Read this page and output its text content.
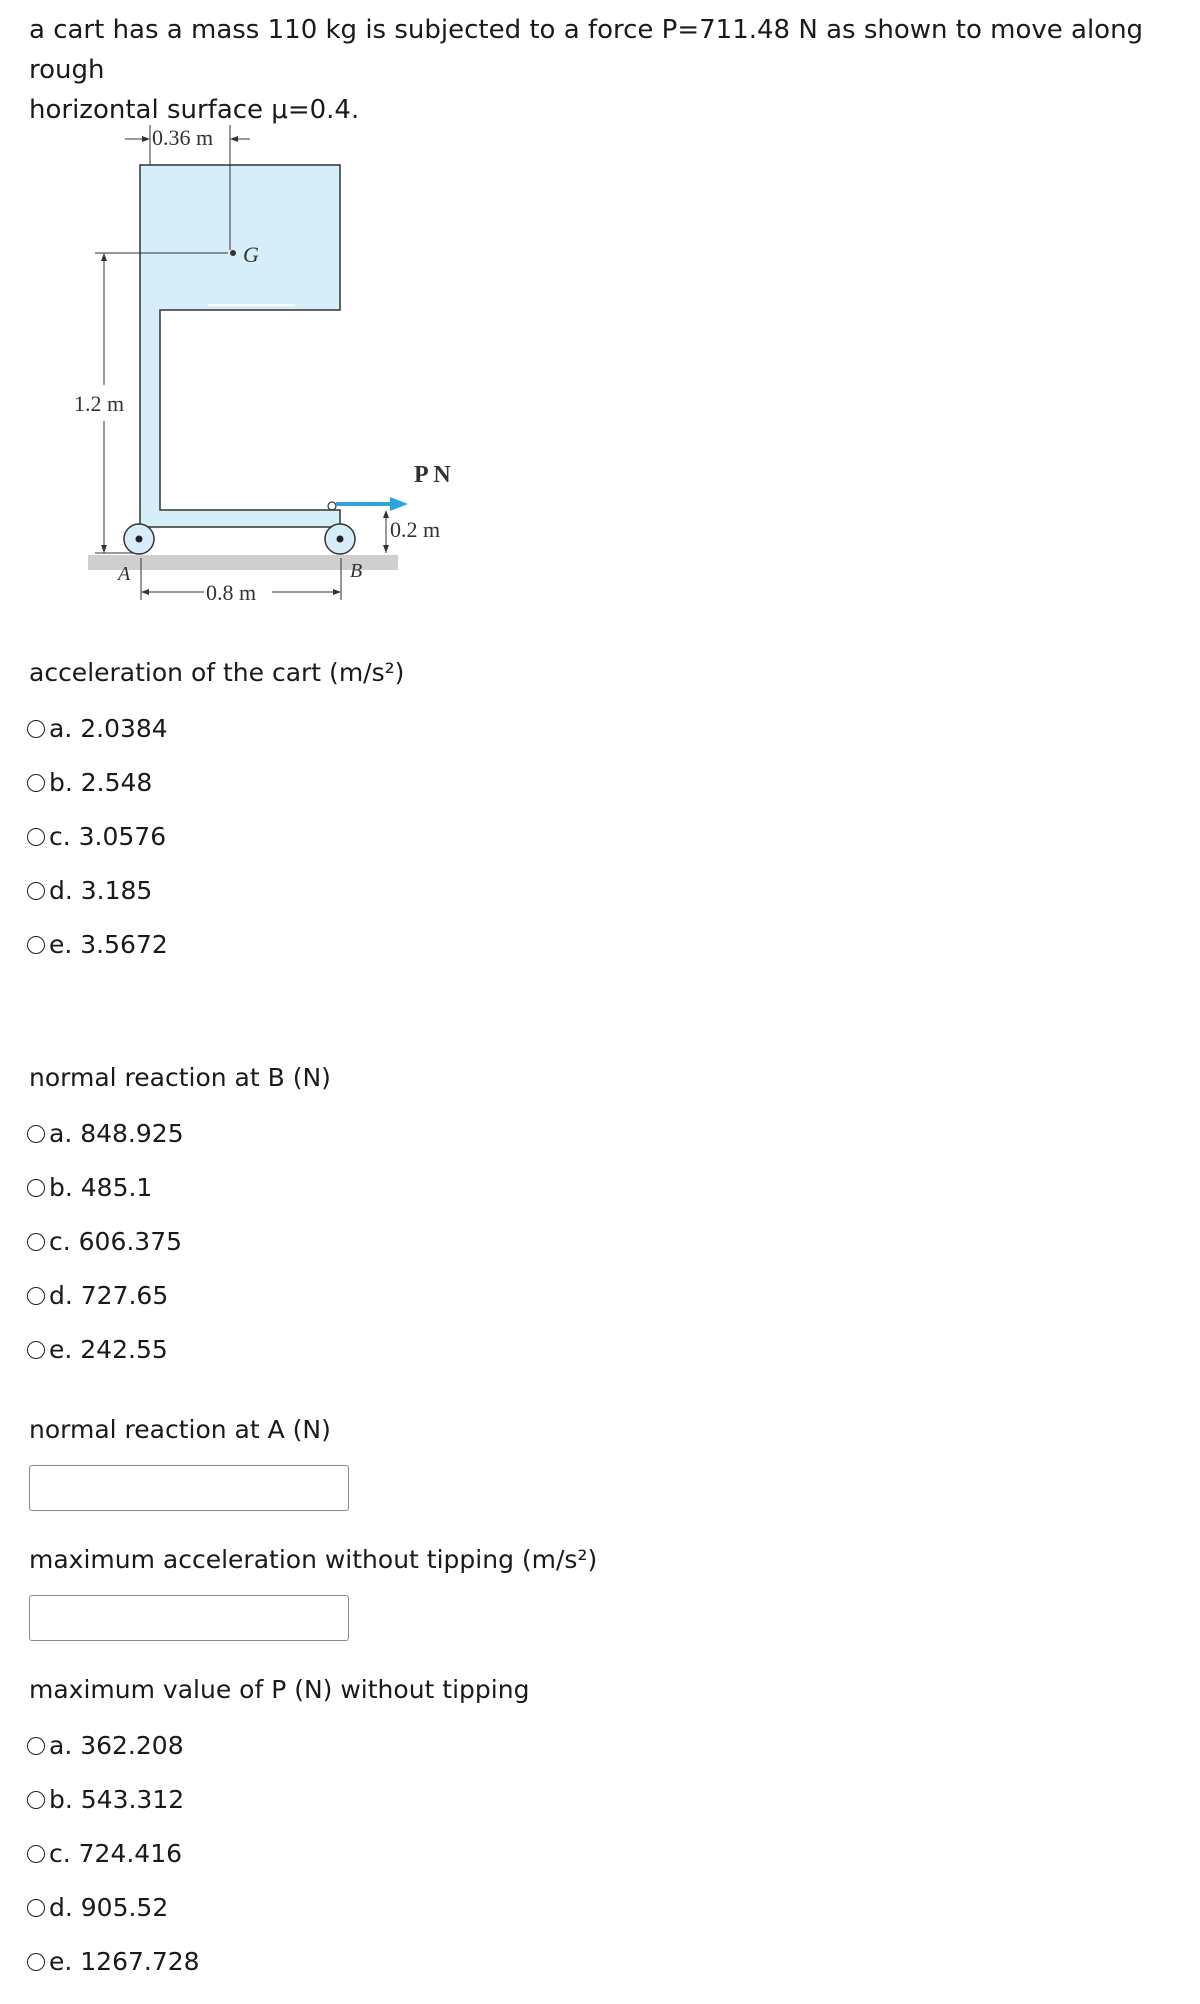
a cart has a mass 110 kg is subjected to a force P=711.48 N as shown to move along rough
horizontal surface μ=0.4.

0.36 m
G
1.2 m
P N
0.2 m
A	B
0.8 m

acceleration of the cart (m/s²)

a. 2.0384
b. 2.548
c. 3.0576
d. 3.185
e. 3.5672

normal reaction at B (N)

a. 848.925
b. 485.1
c. 606.375
d. 727.65
e. 242.55

normal reaction at A (N)

maximum acceleration without tipping (m/s²)

maximum value of P (N) without tipping

a. 362.208
b. 543.312
c. 724.416
d. 905.52
e. 1267.728
